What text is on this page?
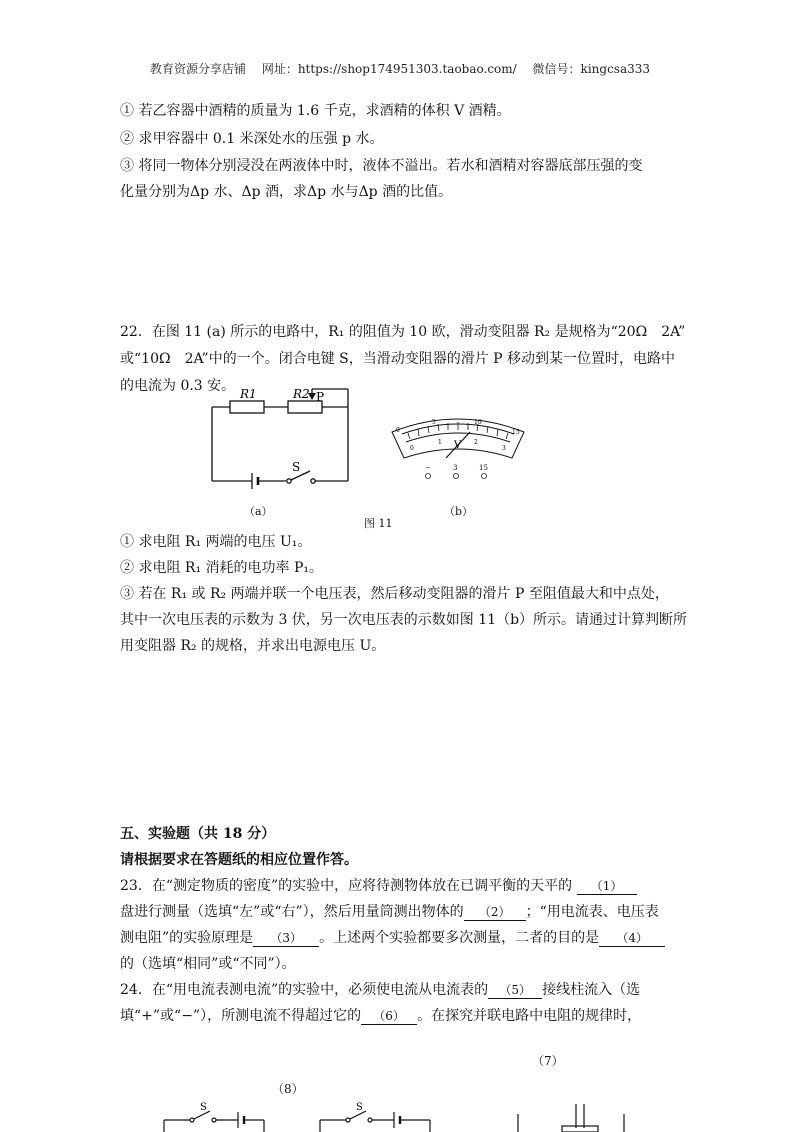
教育资源分享店铺 网址：https://shop174951303.taobao.com/ 微信号：kingcsa333
① 若乙容器中酒精的质量为 1.6 千克，求酒精的体积 V 酒精。
② 求甲容器中 0.1 米深处水的压强 p 水。
③ 将同一物体分别浸没在两液体中时，液体不溢出。若水和酒精对容器底部压强的变
化量分别为Δp 水、Δp 酒，求Δp 水与Δp 酒的比值。
22．在图 11 (a) 所示的电路中，R₁ 的阻值为 10 欧，滑动变阻器 R₂ 是规格为“20Ω　2A”
或“10Ω　2A”中的一个。闭合电键 S，当滑动变阻器的滑片 P 移动到某一位置时，电路中
的电流为 0.3 安。 R1	R2 P
S
V
0
5	10
15
0
1	2
3
−	3	15
（a）
图 11
（b）
① 求电阻 R₁ 两端的电压 U₁。
② 求电阻 R₁ 消耗的电功率 P₁。
③ 若在 R₁ 或 R₂ 两端并联一个电压表，然后移动变阻器的滑片 P 至阻值最大和中点处，
其中一次电压表的示数为 3 伏，另一次电压表的示数如图 11（b）所示。请通过计算判断所
用变阻器 R₂ 的规格，并求出电源电压 U。
五、实验题（共 18 分）
请根据要求在答题纸的相应位置作答。
23．在“测定物质的密度”的实验中，应将待测物体放在已调平衡的天平的 （1）
盘进行测量（选填“左”或“右”），然后用量筒测出物体的 （2） ；“用电流表、电压表
测电阻”的实验原理是 （3） 。上述两个实验都要多次测量，二者的目的是 （4）
的（选填“相同”或“不同”）。
24．在“用电流表测电流”的实验中，必须使电流从电流表的 （5） 接线柱流入（选
填“+”或“−”），所测电流不得超过它的 （6） 。在探究并联电路中电阻的规律时，
（7）
（8）
S	S
